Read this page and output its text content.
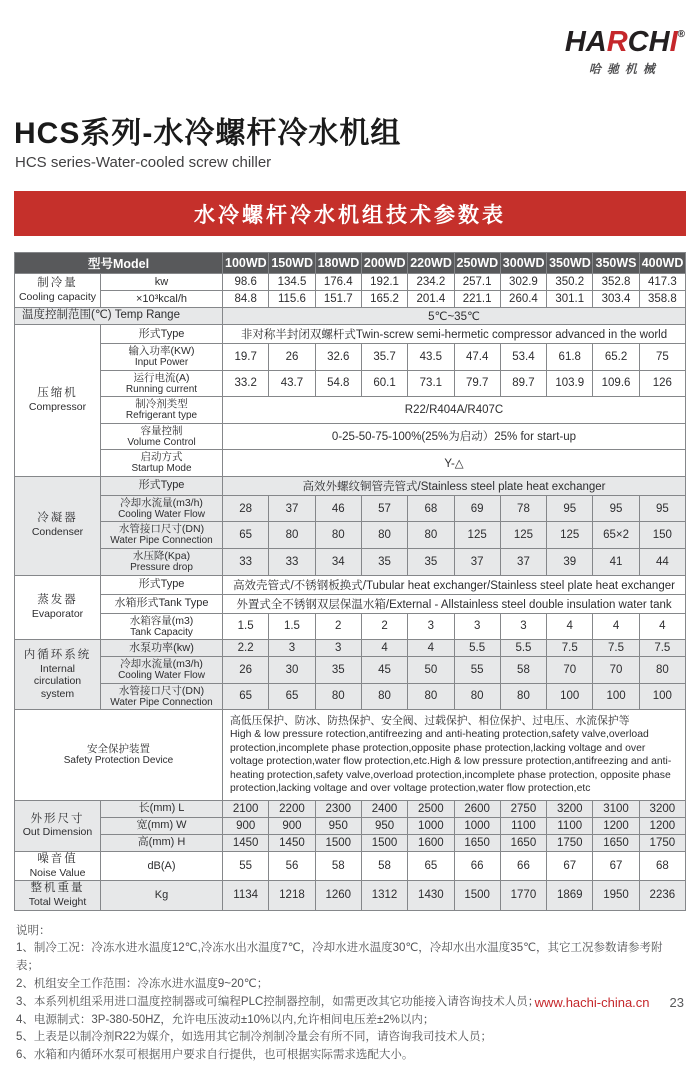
HARCHI®
哈驰机械
HCS系列-水冷螺杆冷水机组
HCS series-Water-cooled screw chiller
水冷螺杆冷水机组技术参数表
型号Model		100WD	150WD	180WD	200WD	220WD	250WD	300WD	350WD	350WS	400WD

制冷量
Cooling capacity	kw	98.6	134.5	176.4	192.1	234.2	257.1	302.9	350.2	352.8	417.3
	×10³kcal/h	84.8	115.6	151.7	165.2	201.4	221.1	260.4	301.1	303.4	358.8
温度控制范围(℃) Temp Range		5℃~35℃									

压缩机
Compressor	形式Type	非对称半封闭双螺杆式Twin-screw semi-hermetic compressor advanced in the world									

	输入功率(KW)
Input Power	19.7	26	32.6	35.7	43.5	47.4	53.4	61.8	65.2	75

	运行电流(A)
Running current	33.2	43.7	54.8	60.1	73.1	79.7	89.7	103.9	109.6	126

	制冷剂类型
Refrigerant type	R22/R404A/R407C									

	容量控制
Volume Control	0-25-50-75-100%(25%为启动）25% for start-up									

	启动方式
Startup Mode	Y-△									

冷凝器
Condenser	形式Type	高效外螺纹铜管壳管式/Stainless steel plate heat exchanger									

	冷却水流量(m3/h)
Cooling Water Flow	28	37	46	57	68	69	78	95	95	95

	水管接口尺寸(DN)
Water Pipe Connection	65	80	80	80	80	125	125	125	65×2	150

	水压降(Kpa)
Pressure drop	33	33	34	35	35	37	37	39	41	44

蒸发器
Evaporator	形式Type	高效壳管式/不锈钢板换式/Tubular heat exchanger/Stainless steel plate heat exchanger									
	水箱形式Tank Type	外置式全不锈钢双层保温水箱/External - Allstainless steel double insulation water tank									

	水箱容量(m3)
Tank Capacity	1.5	1.5	2	2	3	3	3	4	4	4

内循环系统
Internal circulation system	水泵功率(kw)	2.2	3	3	4	4	5.5	5.5	7.5	7.5	7.5

	冷却水流量(m3/h)
Cooling Water Flow	26	30	35	45	50	55	58	70	70	80

	水管接口尺寸(DN)
Water Pipe Connection	65	65	80	80	80	80	80	100	100	100

安全保护装置
Safety Protection Device

高低压保护、防冰、防热保护、安全阀、过载保护、相位保护、过电压、水流保护等
High & low pressure rotection,antifreezing and anti-heating protection,safety valve,overload protection,incomplete phase protection,opposite phase protection,lacking voltage and over voltage protection,water flow protection,etc.High & low pressure protection,antifreezing and anti-heating protection,safety valve,overload protection,incomplete phase protection, opposite phase protection,lacking voltage and over voltage protection,water flow protection,etc

外形尺寸
Out Dimension	长(mm) L	2100	2200	2300	2400	2500	2600	2750	3200	3100	3200
	宽(mm) W	900	900	950	950	1000	1000	1100	1100	1200	1200
	高(mm) H	1450	1450	1500	1500	1600	1650	1650	1750	1650	1750

噪音值
Noise Value	dB(A)	55	56	58	58	65	66	66	67	67	68

整机重量
Total Weight	Kg	1134	1218	1260	1312	1430	1500	1770	1869	1950	2236
说明：
1、制冷工况：冷冻水进水温度12℃,冷冻水出水温度7℃，冷却水进水温度30℃，冷却水出水温度35℃，其它工况参数请参考附表；
2、机组安全工作范围：冷冻水进水温度9~20℃；
3、本系列机组采用进口温度控制器或可编程PLC控制器控制，如需更改其它功能接入请咨询技术人员；
4、电源制式：3P-380-50HZ，允许电压波动±10%以内,允许相间电压差±2%以内；
5、上表是以制冷剂R22为媒介，如选用其它制冷剂制冷量会有所不同，请咨询我司技术人员；
6、水箱和内循环水泵可根据用户要求自行提供，也可根据实际需求选配大小。
www.hachi-china.cn 23
